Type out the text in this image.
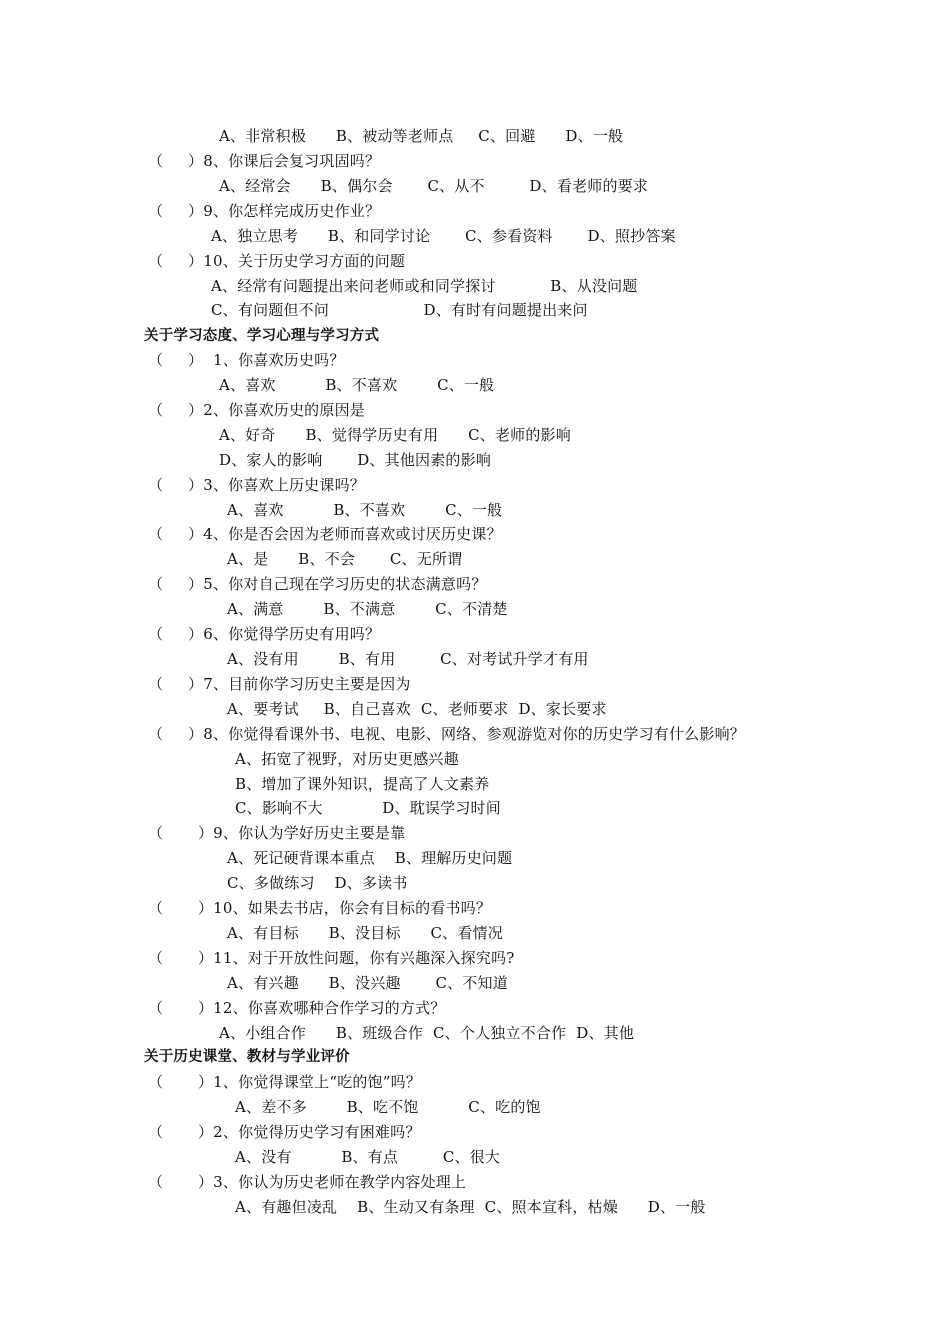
A、非常积极      B、被动等老师点     C、回避      D、一般
（     ）8、你课后会复习巩固吗？
A、经常会      B、偶尔会       C、从不         D、看老师的要求
（     ）9、你怎样完成历史作业？
A、独立思考      B、和同学讨论       C、参看资料       D、照抄答案
（     ）10、关于历史学习方面的问题
A、经常有问题提出来问老师或和同学探讨           B、从没问题
C、有问题但不问                   D、有时有问题提出来问
关于学习态度、学习心理与学习方式
（     ）  1、你喜欢历史吗？
A、喜欢          B、不喜欢        C、一般
（     ）2、你喜欢历史的原因是
A、好奇      B、觉得学历史有用      C、老师的影响
D、家人的影响       D、其他因素的影响
（     ）3、你喜欢上历史课吗？
A、喜欢          B、不喜欢        C、一般
（     ）4、你是否会因为老师而喜欢或讨厌历史课？
A、是      B、不会       C、无所谓
（     ）5、你对自己现在学习历史的状态满意吗？
A、满意        B、不满意        C、不清楚
（     ）6、你觉得学历史有用吗？
A、没有用        B、有用         C、对考试升学才有用
（     ）7、目前你学习历史主要是因为
A、要考试     B、自己喜欢  C、老师要求  D、家长要求
（     ）8、你觉得看课外书、电视、电影、网络、参观游览对你的历史学习有什么影响？
A、拓宽了视野，对历史更感兴趣
B、增加了课外知识，提高了人文素养
C、影响不大            D、耽误学习时间
（       ）9、你认为学好历史主要是靠
A、死记硬背课本重点    B、理解历史问题
C、多做练习    D、多读书
（       ）10、如果去书店，你会有目标的看书吗？
A、有目标      B、没目标      C、看情况
（       ）11、对于开放性问题，你有兴趣深入探究吗?
A、有兴趣      B、没兴趣       C、不知道
（       ）12、你喜欢哪种合作学习的方式？
A、小组合作      B、班级合作  C、个人独立不合作  D、其他
关于历史课堂、教材与学业评价
（       ）1、你觉得课堂上“吃的饱”吗？
A、差不多        B、吃不饱          C、吃的饱
（       ）2、你觉得历史学习有困难吗？
A、没有          B、有点         C、很大
（       ）3、你认为历史老师在教学内容处理上
A、有趣但凌乱    B、生动又有条理  C、照本宣科，枯燥      D、一般
